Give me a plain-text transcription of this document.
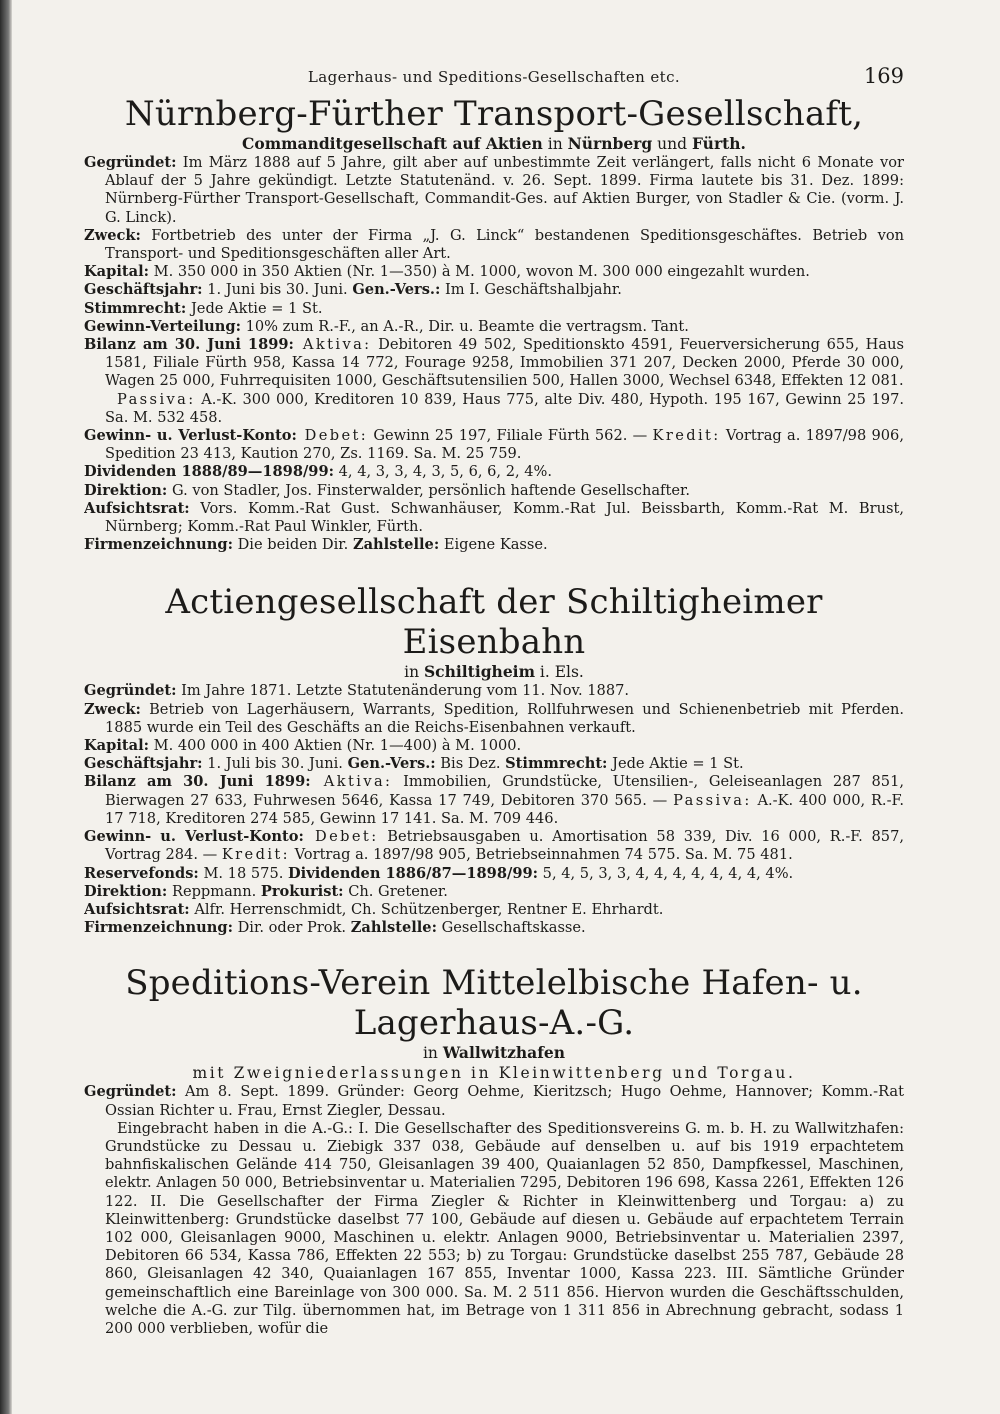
Lagerhaus- und Speditions-Gesellschaften etc.	169
Nürnberg-Fürther Transport-Gesellschaft,

Commanditgesellschaft auf Aktien in Nürnberg und Fürth.

Gegründet: Im März 1888 auf 5 Jahre, gilt aber auf unbestimmte Zeit verlängert, falls nicht 6 Monate vor Ablauf der 5 Jahre gekündigt. Letzte Statutenänd. v. 26. Sept. 1899. Firma lautete bis 31. Dez. 1899: Nürnberg-Fürther Transport-Gesellschaft, Commandit-Ges. auf Aktien Burger, von Stadler & Cie. (vorm. J. G. Linck).

Zweck: Fortbetrieb des unter der Firma „J. G. Linck“ bestandenen Speditionsgeschäftes. Betrieb von Transport- und Speditionsgeschäften aller Art.

Kapital: M. 350 000 in 350 Aktien (Nr. 1—350) à M. 1000, wovon M. 300 000 eingezahlt wurden.

Geschäftsjahr: 1. Juni bis 30. Juni. Gen.-Vers.: Im I. Geschäftshalbjahr.

Stimmrecht: Jede Aktie = 1 St.

Gewinn-Verteilung: 10% zum R.-F., an A.-R., Dir. u. Beamte die vertragsm. Tant.

Bilanz am 30. Juni 1899: Aktiva: Debitoren 49 502, Speditionskto 4591, Feuerversicherung 655, Haus 1581, Filiale Fürth 958, Kassa 14 772, Fourage 9258, Immobilien 371 207, Decken 2000, Pferde 30 000, Wagen 25 000, Fuhrrequisiten 1000, Geschäftsutensilien 500, Hallen 3000, Wechsel 6348, Effekten 12 081.

Passiva: A.-K. 300 000, Kreditoren 10 839, Haus 775, alte Div. 480, Hypoth. 195 167, Gewinn 25 197. Sa. M. 532 458.

Gewinn- u. Verlust-Konto: Debet: Gewinn 25 197, Filiale Fürth 562. — Kredit: Vortrag a. 1897/98 906, Spedition 23 413, Kaution 270, Zs. 1169. Sa. M. 25 759.

Dividenden 1888/89—1898/99: 4, 4, 3, 3, 4, 3, 5, 6, 6, 2, 4%.

Direktion: G. von Stadler, Jos. Finsterwalder, persönlich haftende Gesellschafter.

Aufsichtsrat: Vors. Komm.-Rat Gust. Schwanhäuser, Komm.-Rat Jul. Beissbarth, Komm.-Rat M. Brust, Nürnberg; Komm.-Rat Paul Winkler, Fürth.

Firmenzeichnung: Die beiden Dir. Zahlstelle: Eigene Kasse.

Actiengesellschaft der Schiltigheimer Eisenbahn

in Schiltigheim i. Els.

Gegründet: Im Jahre 1871. Letzte Statutenänderung vom 11. Nov. 1887.

Zweck: Betrieb von Lagerhäusern, Warrants, Spedition, Rollfuhrwesen und Schienenbetrieb mit Pferden. 1885 wurde ein Teil des Geschäfts an die Reichs-Eisenbahnen verkauft.

Kapital: M. 400 000 in 400 Aktien (Nr. 1—400) à M. 1000.

Geschäftsjahr: 1. Juli bis 30. Juni. Gen.-Vers.: Bis Dez. Stimmrecht: Jede Aktie = 1 St.

Bilanz am 30. Juni 1899: Aktiva: Immobilien, Grundstücke, Utensilien-, Geleiseanlagen 287 851, Bierwagen 27 633, Fuhrwesen 5646, Kassa 17 749, Debitoren 370 565. — Passiva: A.-K. 400 000, R.-F. 17 718, Kreditoren 274 585, Gewinn 17 141. Sa. M. 709 446.

Gewinn- u. Verlust-Konto: Debet: Betriebsausgaben u. Amortisation 58 339, Div. 16 000, R.-F. 857, Vortrag 284. — Kredit: Vortrag a. 1897/98 905, Betriebseinnahmen 74 575. Sa. M. 75 481.

Reservefonds: M. 18 575. Dividenden 1886/87—1898/99: 5, 4, 5, 3, 3, 4, 4, 4, 4, 4, 4, 4, 4%.

Direktion: Reppmann. Prokurist: Ch. Gretener.

Aufsichtsrat: Alfr. Herrenschmidt, Ch. Schützenberger, Rentner E. Ehrhardt.

Firmenzeichnung: Dir. oder Prok. Zahlstelle: Gesellschaftskasse.

Speditions-Verein Mittelelbische Hafen- u. Lagerhaus-A.-G.

in Wallwitzhafen

mit Zweigniederlassungen in Kleinwittenberg und Torgau.

Gegründet: Am 8. Sept. 1899. Gründer: Georg Oehme, Kieritzsch; Hugo Oehme, Hannover; Komm.-Rat Ossian Richter u. Frau, Ernst Ziegler, Dessau.

Eingebracht haben in die A.-G.: I. Die Gesellschafter des Speditionsvereins G. m. b. H. zu Wallwitzhafen: Grundstücke zu Dessau u. Ziebigk 337 038, Gebäude auf denselben u. auf bis 1919 erpachtetem bahnfiskalischen Gelände 414 750, Gleisanlagen 39 400, Quaianlagen 52 850, Dampfkessel, Maschinen, elektr. Anlagen 50 000, Betriebsinventar u. Materialien 7295, Debitoren 196 698, Kassa 2261, Effekten 126 122. II. Die Gesellschafter der Firma Ziegler & Richter in Kleinwittenberg und Torgau: a) zu Kleinwittenberg: Grundstücke daselbst 77 100, Gebäude auf diesen u. Gebäude auf erpachtetem Terrain 102 000, Gleisanlagen 9000, Maschinen u. elektr. Anlagen 9000, Betriebsinventar u. Materialien 2397, Debitoren 66 534, Kassa 786, Effekten 22 553; b) zu Torgau: Grundstücke daselbst 255 787, Gebäude 28 860, Gleisanlagen 42 340, Quaianlagen 167 855, Inventar 1000, Kassa 223. III. Sämtliche Gründer gemeinschaftlich eine Bareinlage von 300 000. Sa. M. 2 511 856. Hiervon wurden die Geschäftsschulden, welche die A.-G. zur Tilg. übernommen hat, im Betrage von 1 311 856 in Abrechnung gebracht, sodass 1 200 000 verblieben, wofür die
